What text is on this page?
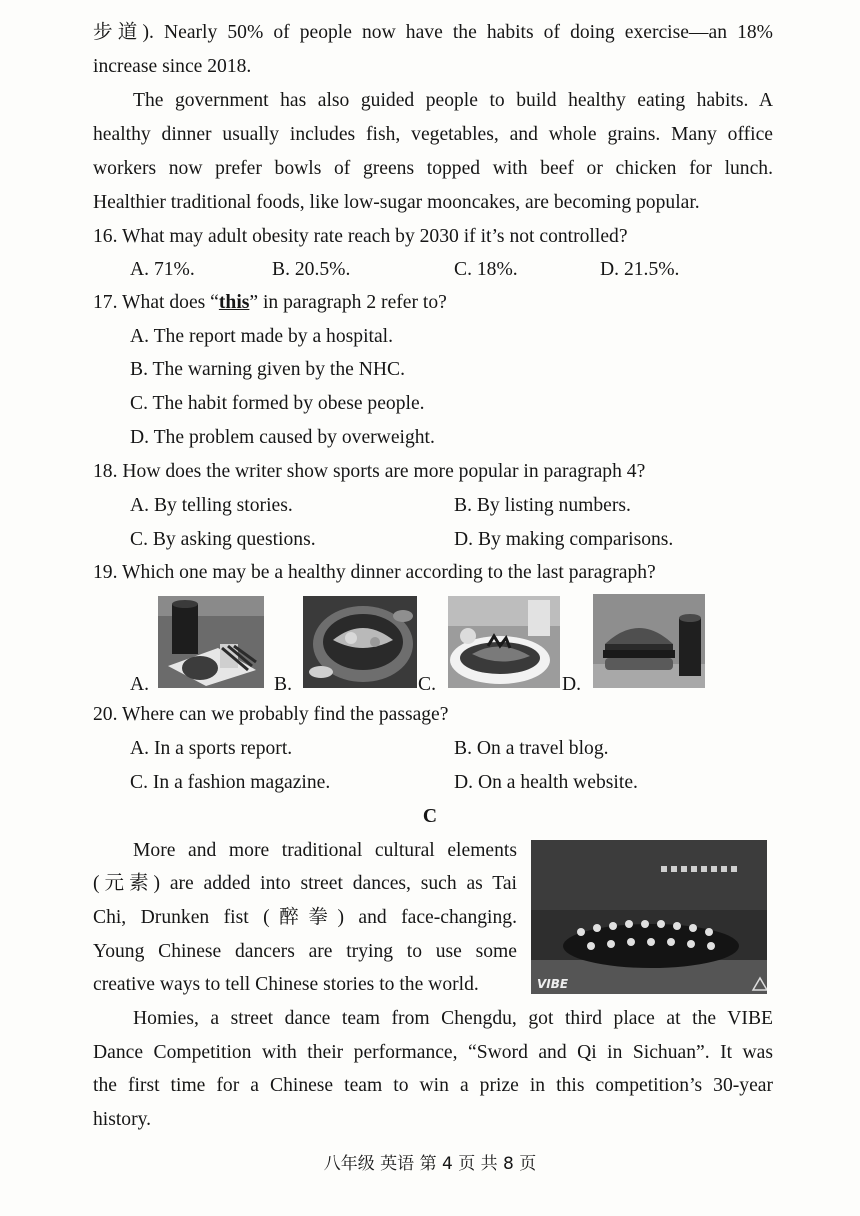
步道). Nearly 50% of people now have the habits of doing exercise—an 18%
increase since 2018.
The government has also guided people to build healthy eating habits. A
healthy dinner usually includes fish, vegetables, and whole grains. Many office
workers now prefer bowls of greens topped with beef or chicken for lunch.
Healthier traditional foods, like low-sugar mooncakes, are becoming popular.
16. What may adult obesity rate reach by 2030 if it’s not controlled?
A. 71%.	B. 20.5%.	C. 18%.	D. 21.5%.
17. What does “this” in paragraph 2 refer to?
A. The report made by a hospital.
B. The warning given by the NHC.
C. The habit formed by obese people.
D. The problem caused by overweight.
18. How does the writer show sports are more popular in paragraph 4?
A. By telling stories.	B. By listing numbers.
C. By asking questions.	D. By making comparisons.
19. Which one may be a healthy dinner according to the last paragraph?
A.	B.	C.	D.
20. Where can we probably find the passage?
A. In a sports report.	B. On a travel blog.
C. In a fashion magazine.	D. On a health website.
C
More and more traditional cultural elements
(元素) are added into street dances, such as Tai
Chi, Drunken fist (醉拳) and face-changing.
Young Chinese dancers are trying to use some
creative ways to tell Chinese stories to the world.	VIBE
Homies, a street dance team from Chengdu, got third place at the VIBE
Dance Competition with their performance, “Sword and Qi in Sichuan”. It was
the first time for a Chinese team to win a prize in this competition’s 30-year
history.
八年级 英语 第 4 页 共 8 页
